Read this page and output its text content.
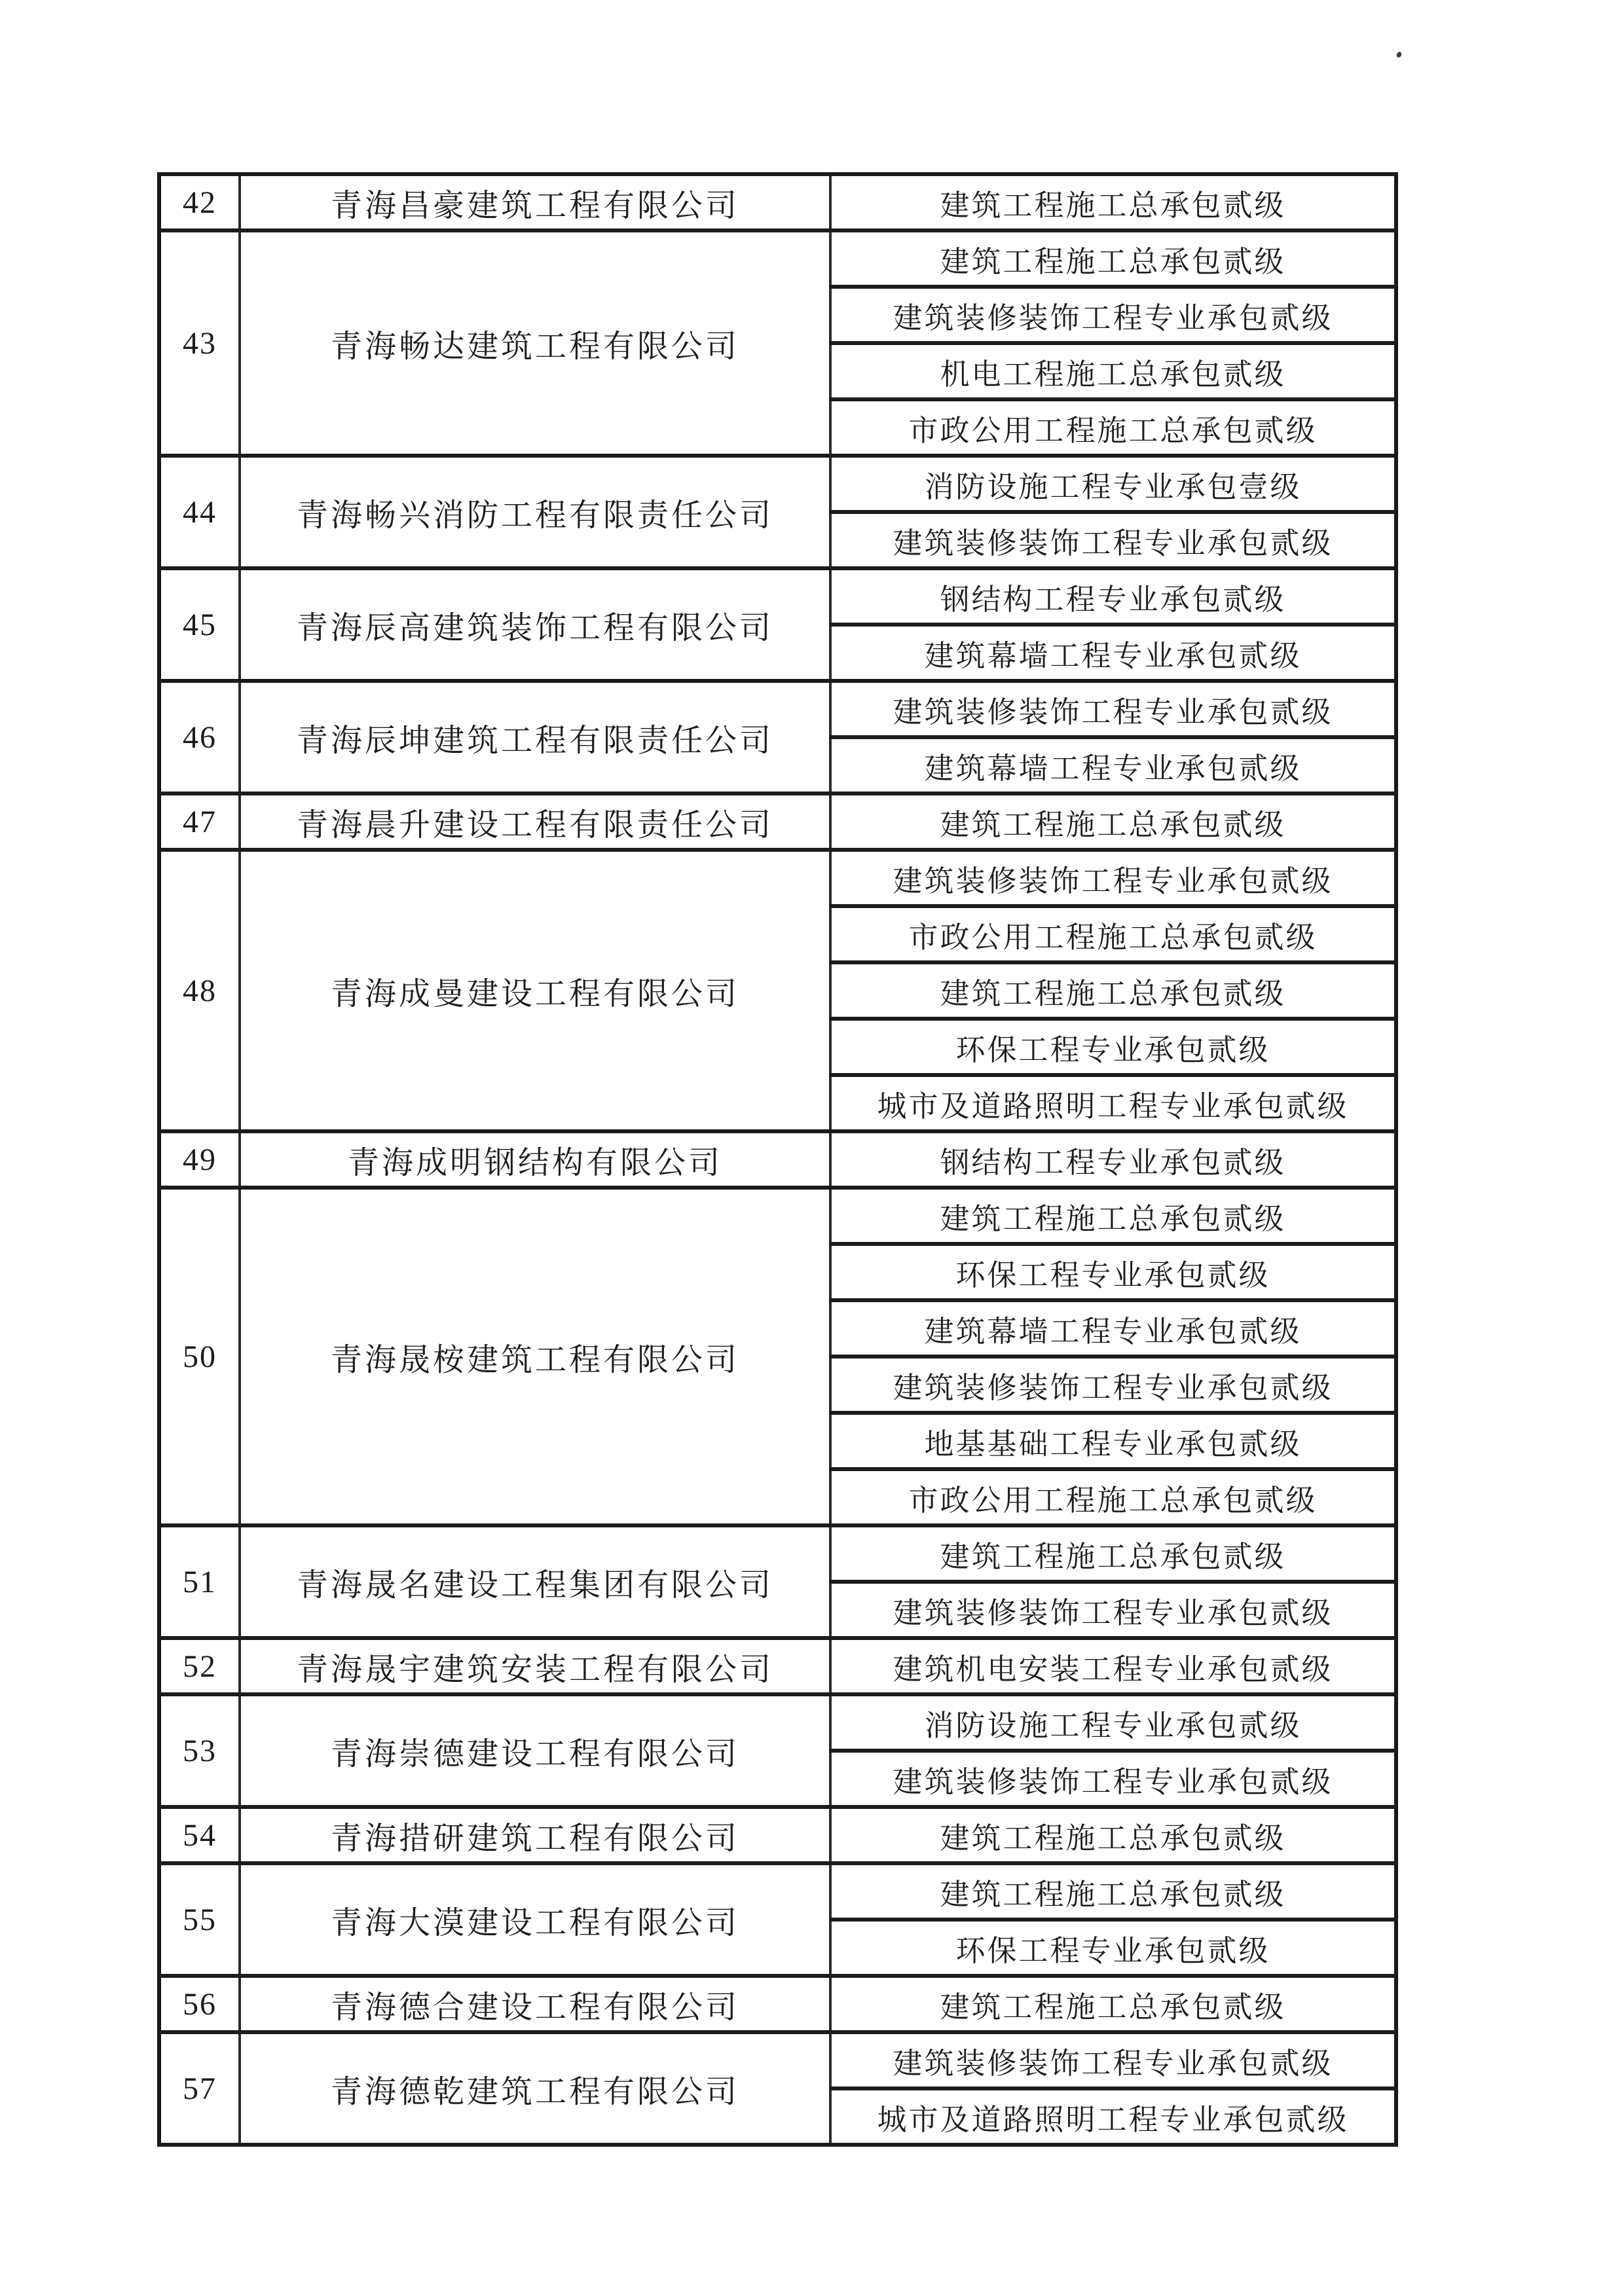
42	青海昌豪建筑工程有限公司	建筑工程施工总承包贰级
43	青海畅达建筑工程有限公司	建筑工程施工总承包贰级
		建筑装修装饰工程专业承包贰级
		机电工程施工总承包贰级
		市政公用工程施工总承包贰级
44	青海畅兴消防工程有限责任公司	消防设施工程专业承包壹级
		建筑装修装饰工程专业承包贰级
45	青海辰高建筑装饰工程有限公司	钢结构工程专业承包贰级
		建筑幕墙工程专业承包贰级
46	青海辰坤建筑工程有限责任公司	建筑装修装饰工程专业承包贰级
		建筑幕墙工程专业承包贰级
47	青海晨升建设工程有限责任公司	建筑工程施工总承包贰级
48	青海成曼建设工程有限公司	建筑装修装饰工程专业承包贰级
		市政公用工程施工总承包贰级
		建筑工程施工总承包贰级
		环保工程专业承包贰级
		城市及道路照明工程专业承包贰级
49	青海成明钢结构有限公司	钢结构工程专业承包贰级
50	青海晟桉建筑工程有限公司	建筑工程施工总承包贰级
		环保工程专业承包贰级
		建筑幕墙工程专业承包贰级
		建筑装修装饰工程专业承包贰级
		地基基础工程专业承包贰级
		市政公用工程施工总承包贰级
51	青海晟名建设工程集团有限公司	建筑工程施工总承包贰级
		建筑装修装饰工程专业承包贰级
52	青海晟宇建筑安装工程有限公司	建筑机电安装工程专业承包贰级
53	青海崇德建设工程有限公司	消防设施工程专业承包贰级
		建筑装修装饰工程专业承包贰级
54	青海措研建筑工程有限公司	建筑工程施工总承包贰级
55	青海大漠建设工程有限公司	建筑工程施工总承包贰级
		环保工程专业承包贰级
56	青海德合建设工程有限公司	建筑工程施工总承包贰级
57	青海德乾建筑工程有限公司	建筑装修装饰工程专业承包贰级
		城市及道路照明工程专业承包贰级
